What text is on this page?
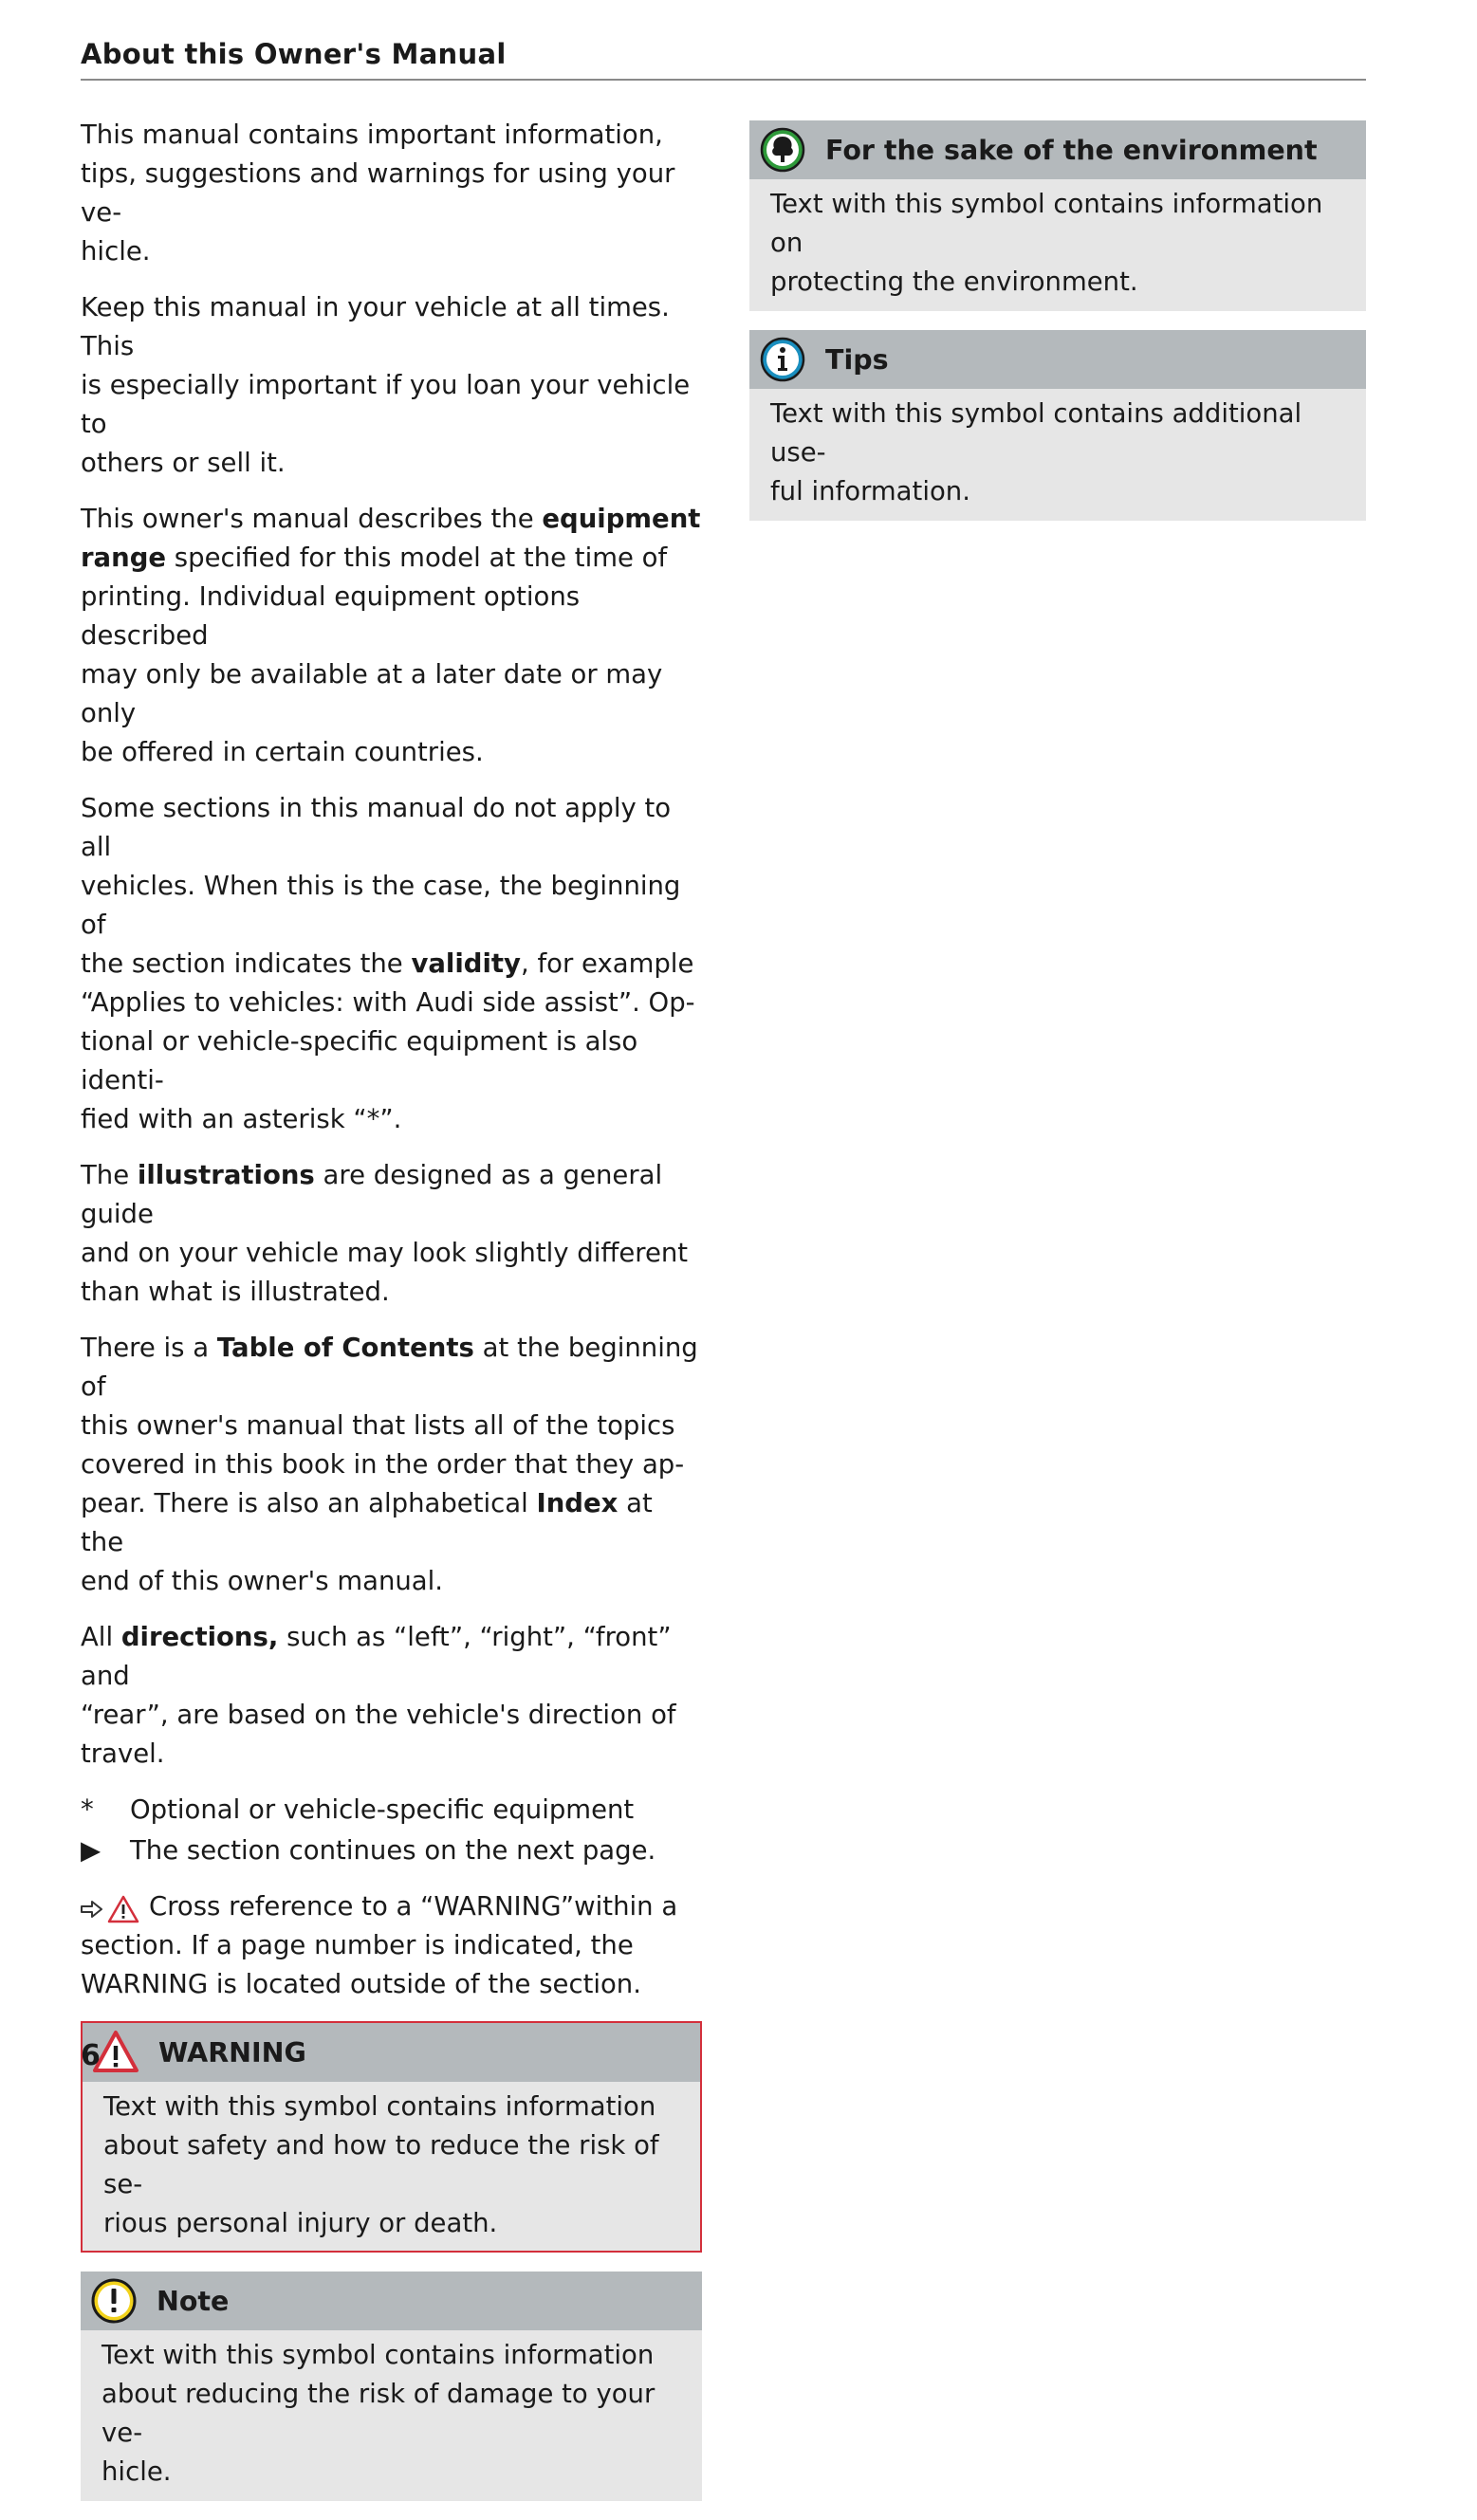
About this Owner's Manual

This manual contains important information,
tips, suggestions and warnings for using your ve-
hicle.

Keep this manual in your vehicle at all times. This
is especially important if you loan your vehicle to
others or sell it.

This owner's manual describes the equipment
range specified for this model at the time of
printing. Individual equipment options described
may only be available at a later date or may only
be offered in certain countries.

Some sections in this manual do not apply to all
vehicles. When this is the case, the beginning of
the section indicates the validity, for example
“Applies to vehicles: with Audi side assist”. Op-
tional or vehicle-specific equipment is also identi-
fied with an asterisk “*”.

The illustrations are designed as a general guide
and on your vehicle may look slightly different
than what is illustrated.

There is a Table of Contents at the beginning of
this owner's manual that lists all of the topics
covered in this book in the order that they ap-
pear. There is also an alphabetical Index at the
end of this owner's manual.

All directions, such as “left”, “right”, “front” and
“rear”, are based on the vehicle's direction of
travel.

*	Optional or vehicle-specific equipment
▶	The section continues on the next page.

Cross reference to a “WARNING”within a
section. If a page number is indicated, the
WARNING is located outside of the section.

WARNING
Text with this symbol contains information
about safety and how to reduce the risk of se-
rious personal injury or death.
Note
Text with this symbol contains information
about reducing the risk of damage to your ve-
hicle.
For the sake of the environment
Text with this symbol contains information on
protecting the environment.
Tips
Text with this symbol contains additional use-
ful information.
6
